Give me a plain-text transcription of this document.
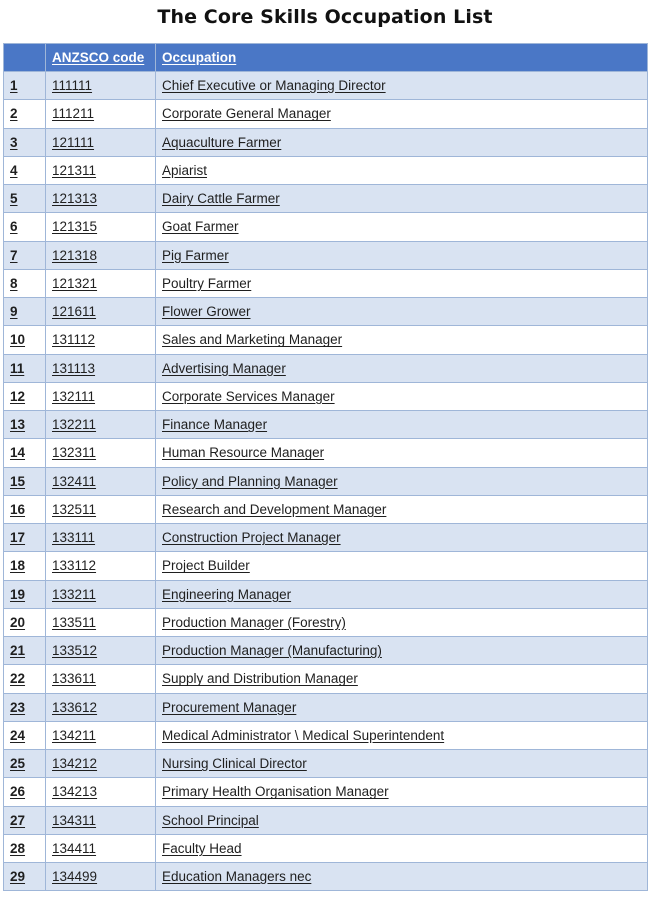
The Core Skills Occupation List
	ANZSCO code	Occupation
1	111111	Chief Executive or Managing Director
2	111211	Corporate General Manager
3	121111	Aquaculture Farmer
4	121311	Apiarist
5	121313	Dairy Cattle Farmer
6	121315	Goat Farmer
7	121318	Pig Farmer
8	121321	Poultry Farmer
9	121611	Flower Grower
10	131112	Sales and Marketing Manager
11	131113	Advertising Manager
12	132111	Corporate Services Manager
13	132211	Finance Manager
14	132311	Human Resource Manager
15	132411	Policy and Planning Manager
16	132511	Research and Development Manager
17	133111	Construction Project Manager
18	133112	Project Builder
19	133211	Engineering Manager
20	133511	Production Manager (Forestry)
21	133512	Production Manager (Manufacturing)
22	133611	Supply and Distribution Manager
23	133612	Procurement Manager
24	134211	Medical Administrator \ Medical Superintendent
25	134212	Nursing Clinical Director
26	134213	Primary Health Organisation Manager
27	134311	School Principal
28	134411	Faculty Head
29	134499	Education Managers nec
